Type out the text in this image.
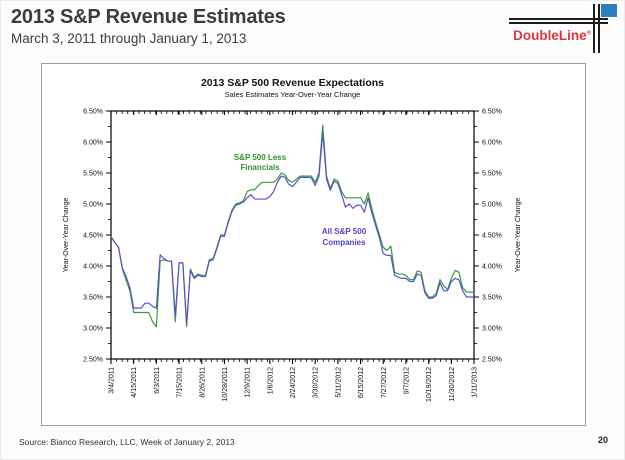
2013 S&P Revenue Estimates
March 3, 2011 through January 1, 2013	DoubleLine®
2013 S&P 500 Revenue Expectations
Sales Estimates Year-Over-Year Change
2.50%	2.50%
3.00%	3.00%
3.50%	3.50%
4.00%	4.00%
4.50%	4.50%
5.00%	5.00%
5.50%	5.50%
6.00%	6.00%
6.50%	6.50%
3/4/2011 4/15/2011 6/3/2011 7/15/2011 8/26/2011 10/28/2011 12/9/2011 1/6/2012 2/24/2012 3/30/2012 5/11/2012 6/15/2012 7/27/2012 9/7/2012 10/19/2012 11/30/2012 1/11/2013
Year-Over-Year Change	Year-Over-Year Change
S&P 500 Less
Financials
All S&P 500
Companies
Source: Bianco Research, LLC, Week of January 2, 2013	20
